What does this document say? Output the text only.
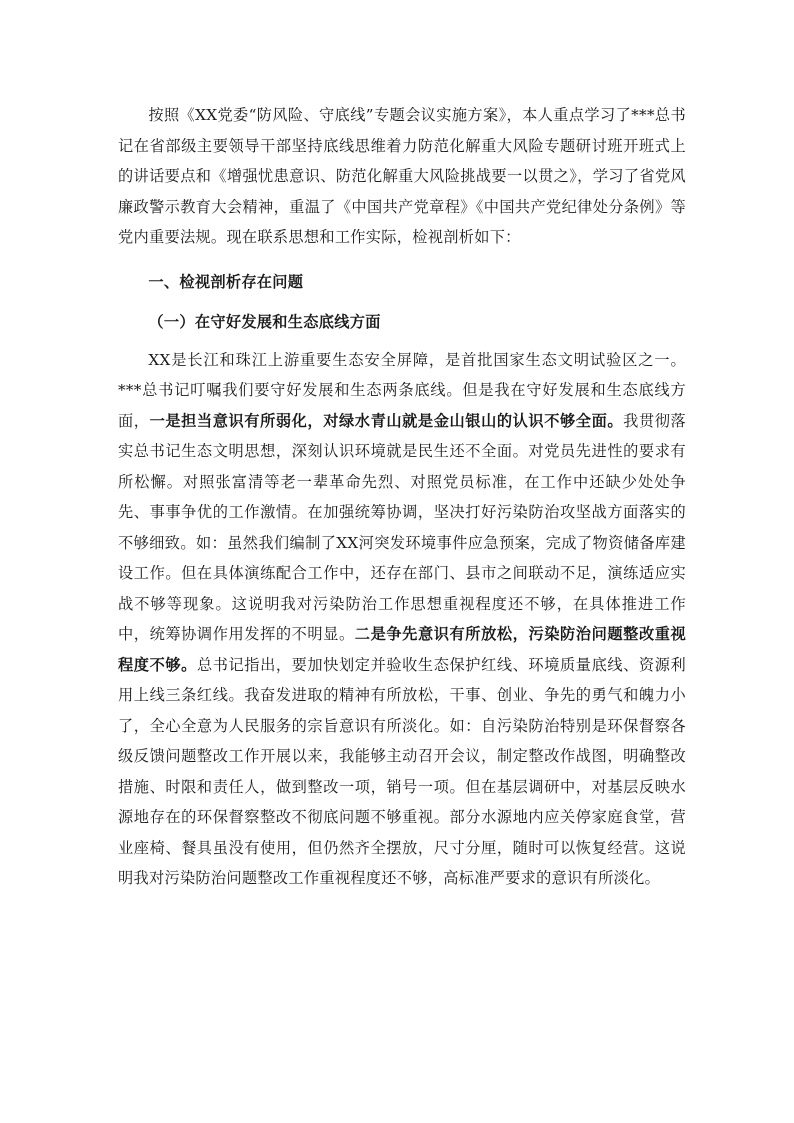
按照《XX党委“防风险、守底线”专题会议实施方案》，本人重点学习了***总书记在省部级主要领导干部坚持底线思维着力防范化解重大风险专题研讨班开班式上的讲话要点和《增强忧患意识、防范化解重大风险挑战要一以贯之》，学习了省党风廉政警示教育大会精神，重温了《中国共产党章程》《中国共产党纪律处分条例》等党内重要法规。现在联系思想和工作实际，检视剖析如下：

一、检视剖析存在问题

（一）在守好发展和生态底线方面

XX是长江和珠江上游重要生态安全屏障，是首批国家生态文明试验区之一。***总书记叮嘱我们要守好发展和生态两条底线。但是我在守好发展和生态底线方面，一是担当意识有所弱化，对绿水青山就是金山银山的认识不够全面。我贯彻落实总书记生态文明思想，深刻认识环境就是民生还不全面。对党员先进性的要求有所松懈。对照张富清等老一辈革命先烈、对照党员标准，在工作中还缺少处处争先、事事争优的工作激情。在加强统筹协调，坚决打好污染防治攻坚战方面落实的不够细致。如：虽然我们编制了XX河突发环境事件应急预案，完成了物资储备库建设工作。但在具体演练配合工作中，还存在部门、县市之间联动不足，演练适应实战不够等现象。这说明我对污染防治工作思想重视程度还不够，在具体推进工作中，统筹协调作用发挥的不明显。二是争先意识有所放松，污染防治问题整改重视程度不够。总书记指出，要加快划定并验收生态保护红线、环境质量底线、资源利用上线三条红线。我奋发进取的精神有所放松，干事、创业、争先的勇气和魄力小了，全心全意为人民服务的宗旨意识有所淡化。如：自污染防治特别是环保督察各级反馈问题整改工作开展以来，我能够主动召开会议，制定整改作战图，明确整改措施、时限和责任人，做到整改一项，销号一项。但在基层调研中，对基层反映水源地存在的环保督察整改不彻底问题不够重视。部分水源地内应关停家庭食堂，营业座椅、餐具虽没有使用，但仍然齐全摆放，尺寸分厘，随时可以恢复经营。这说明我对污染防治问题整改工作重视程度还不够，高标准严要求的意识有所淡化。
